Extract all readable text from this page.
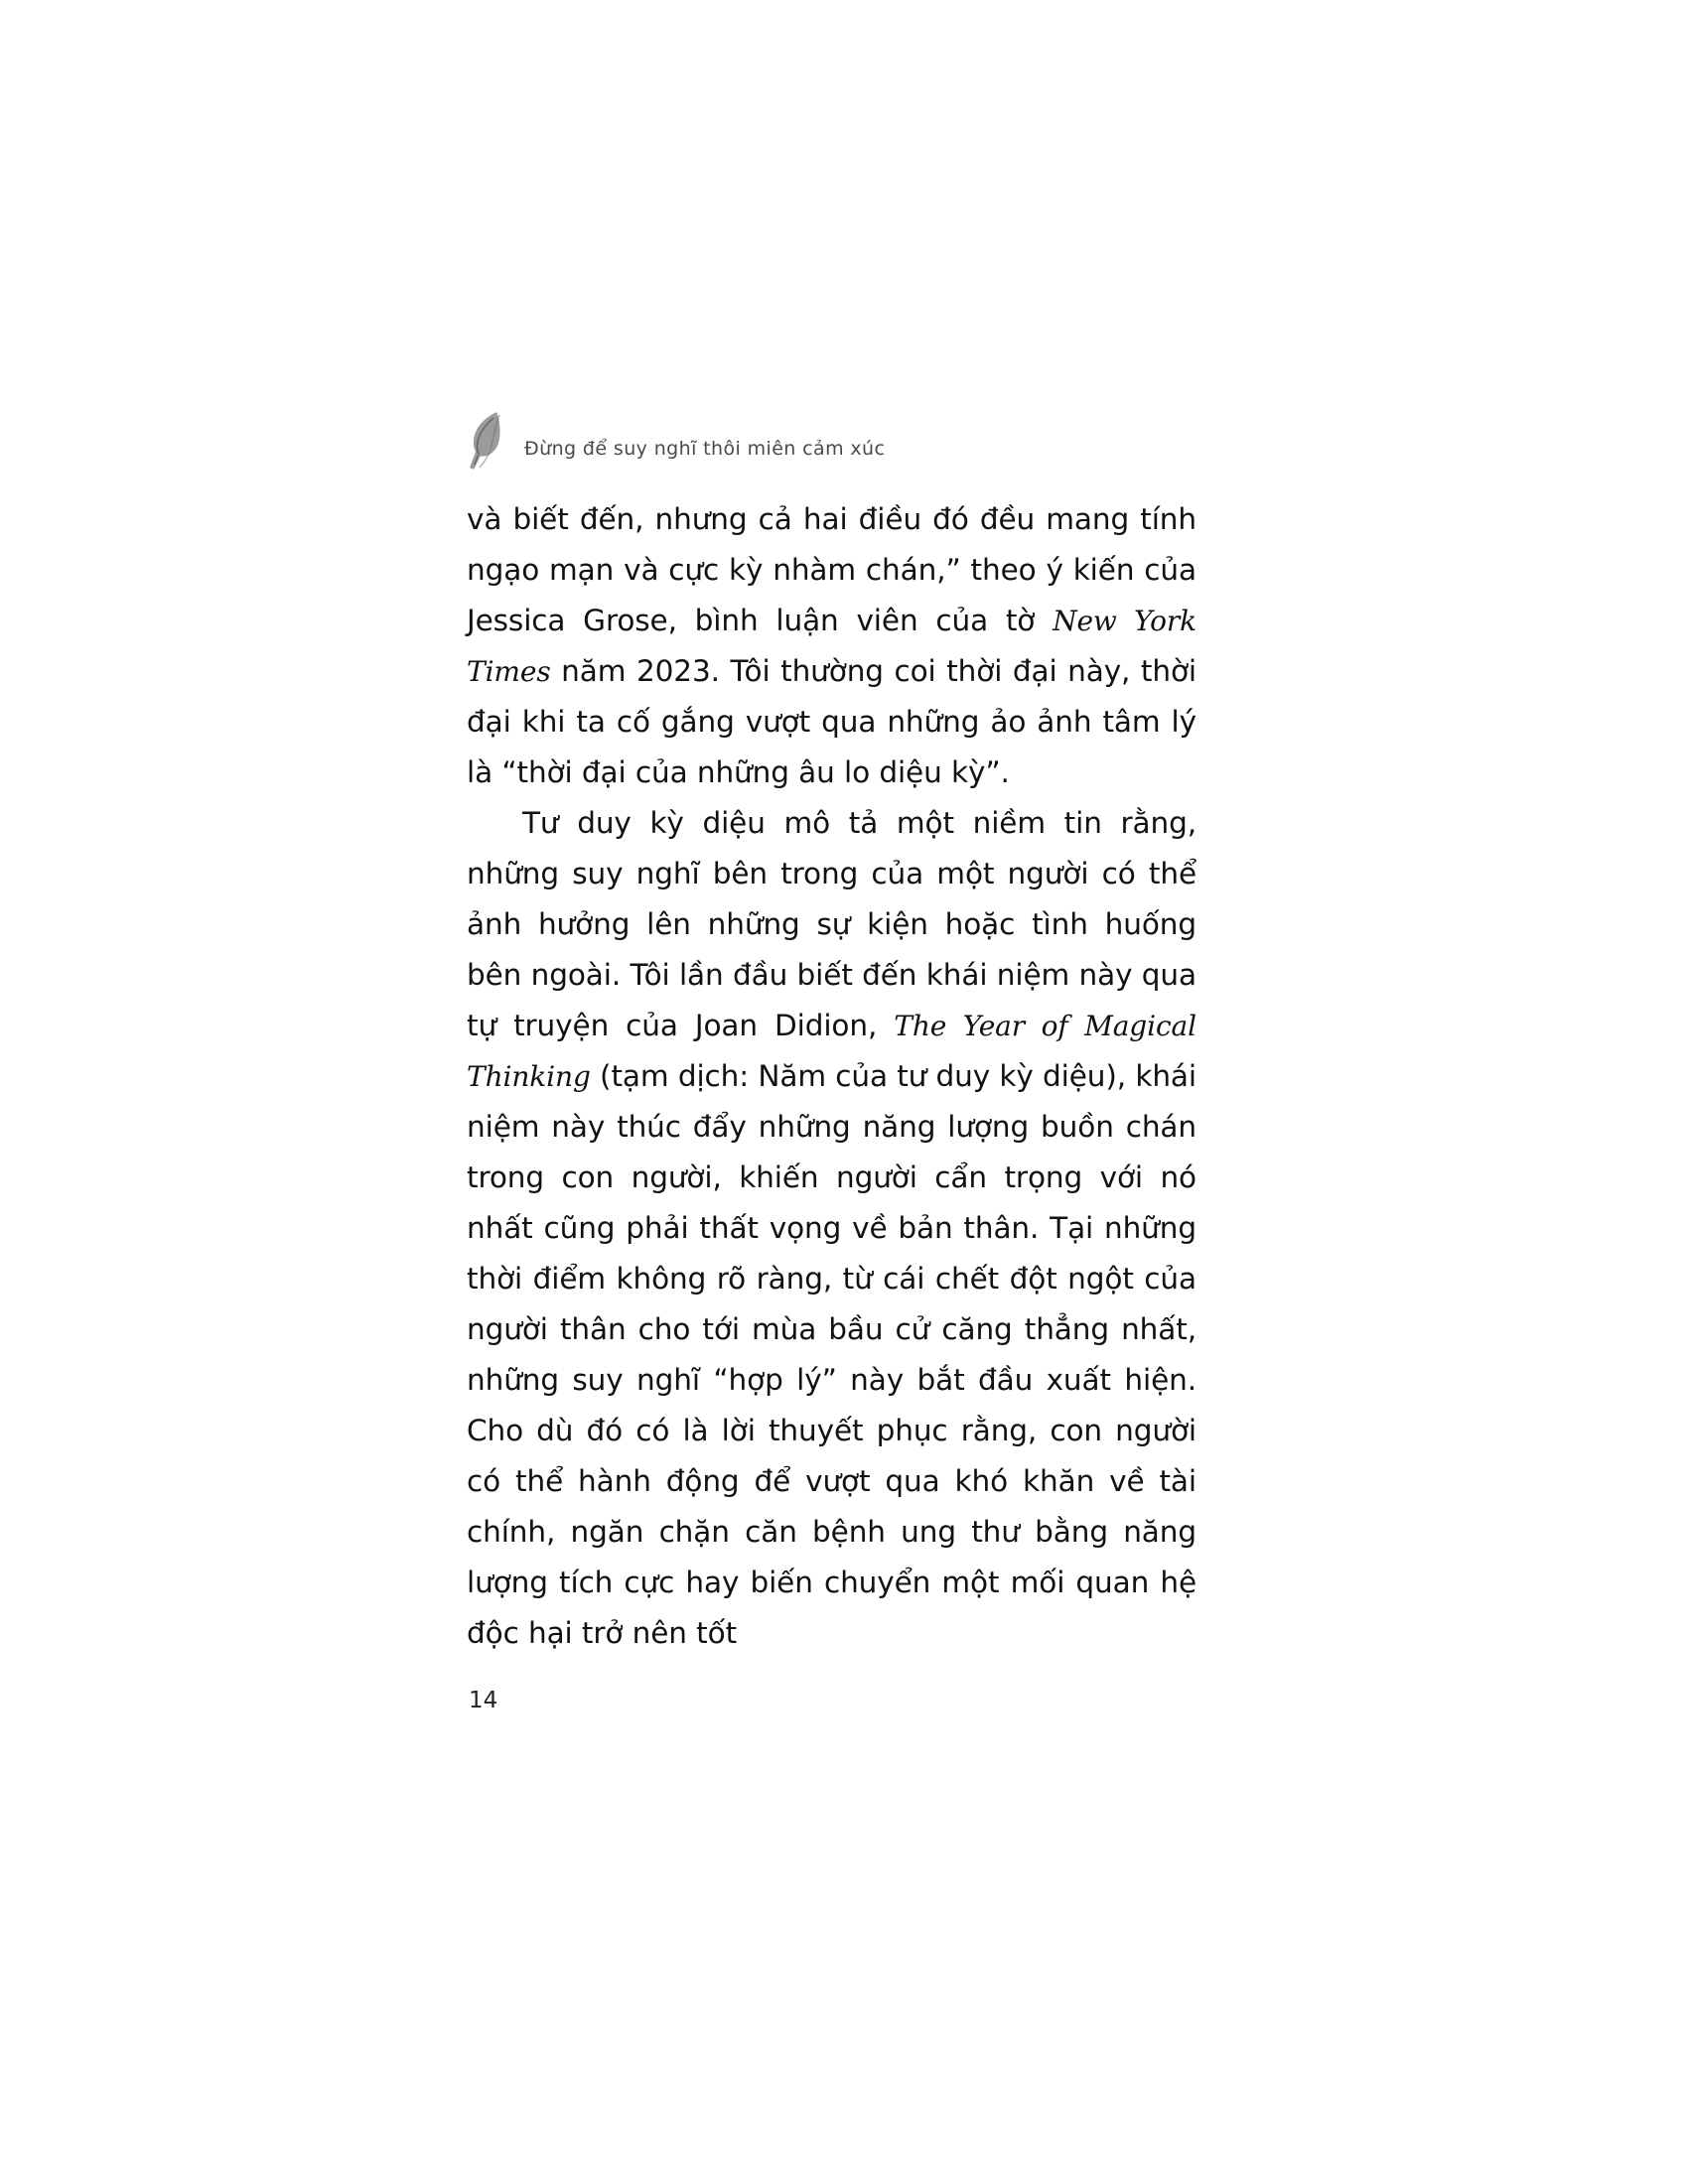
Đừng để suy nghĩ thôi miên cảm xúc

và biết đến, nhưng cả hai điều đó đều mang tính ngạo mạn và cực kỳ nhàm chán,” theo ý kiến của Jessica Grose, bình luận viên của tờ New York Times năm 2023. Tôi thường coi thời đại này, thời đại khi ta cố gắng vượt qua những ảo ảnh tâm lý là “thời đại của những âu lo diệu kỳ”.

Tư duy kỳ diệu mô tả một niềm tin rằng, những suy nghĩ bên trong của một người có thể ảnh hưởng lên những sự kiện hoặc tình huống bên ngoài. Tôi lần đầu biết đến khái niệm này qua tự truyện của Joan Didion, The Year of Magical Thinking (tạm dịch: Năm của tư duy kỳ diệu), khái niệm này thúc đẩy những năng lượng buồn chán trong con người, khiến người cẩn trọng với nó nhất cũng phải thất vọng về bản thân. Tại những thời điểm không rõ ràng, từ cái chết đột ngột của người thân cho tới mùa bầu cử căng thẳng nhất, những suy nghĩ “hợp lý” này bắt đầu xuất hiện. Cho dù đó có là lời thuyết phục rằng, con người có thể hành động để vượt qua khó khăn về tài chính, ngăn chặn căn bệnh ung thư bằng năng lượng tích cực hay biến chuyển một mối quan hệ độc hại trở nên tốt

14
